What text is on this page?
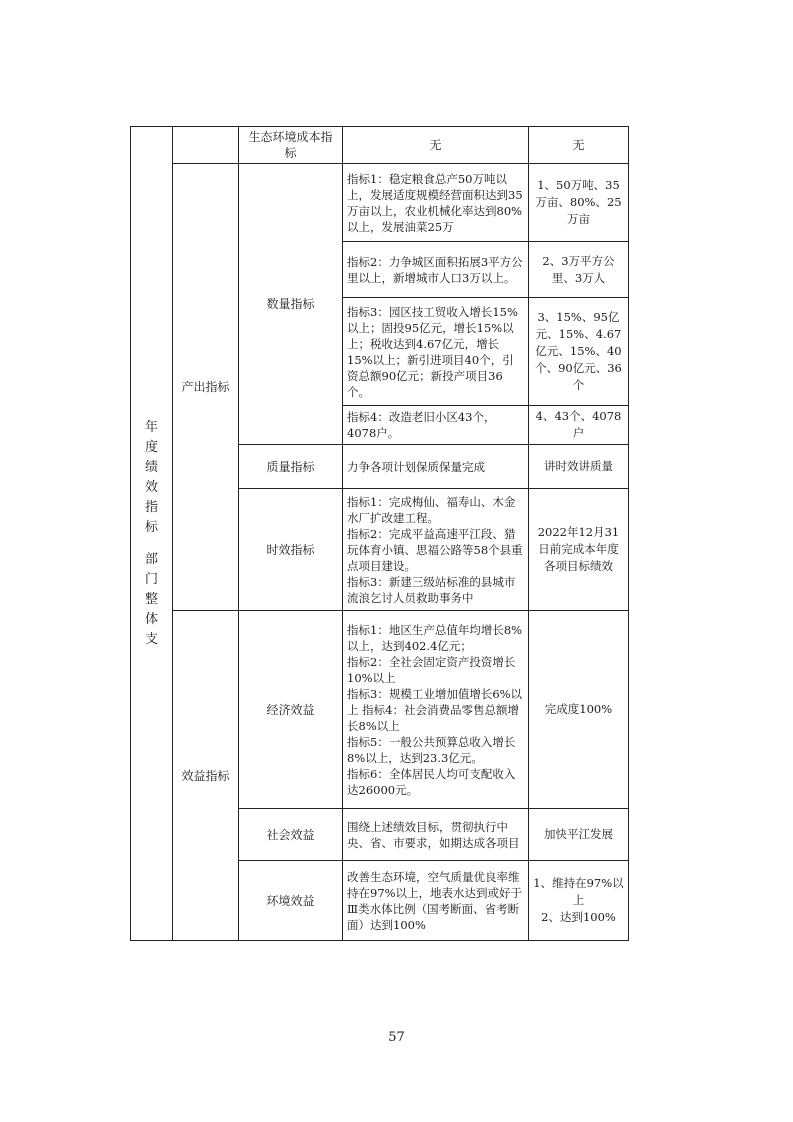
年度绩效指标
部门整体支		生态环境成本指标	无	无
	产出指标	数量指标	指标1：稳定粮食总产50万吨以上，发展适度规模经营面积达到35万亩以上，农业机械化率达到80%以上，发展油菜25万	1、50万吨、35万亩、80%、25万亩
			指标2：力争城区面积拓展3平方公里以上，新增城市人口3万以上。	2、3万平方公里、3万人
			指标3：园区技工贸收入增长15%以上；固投95亿元，增长15%以上；税收达到4.67亿元，增长15%以上；新引进项目40个，引资总额90亿元；新投产项目36个。	3、15%、95亿元、15%、4.67亿元、15%、40个、90亿元、36个
			指标4：改造老旧小区43个，4078户。	4、43个、4078户
		质量指标	力争各项计划保质保量完成	讲时效讲质量
		时效指标	指标1：完成梅仙、福寿山、木金水厂扩改建工程。
指标2：完成平益高速平江段、猎玩体育小镇、思福公路等58个县重点项目建设。
指标3：新建三级站标准的县城市流浪乞讨人员救助事务中	2022年12月31日前完成本年度各项目标绩效
	效益指标	经济效益	指标1：地区生产总值年均增长8%以上，达到402.4亿元；
指标2：全社会固定资产投资增长10%以上
指标3：规模工业增加值增长6%以上 指标4：社会消费品零售总额增长8%以上
指标5：一般公共预算总收入增长8%以上，达到23.3亿元。
指标6：全体居民人均可支配收入达26000元。	完成度100%
		社会效益	围绕上述绩效目标，贯彻执行中央、省、市要求，如期达成各项目	加快平江发展
		环境效益	改善生态环境，空气质量优良率维持在97%以上，地表水达到或好于Ⅲ类水体比例（国考断面、省考断面）达到100%	1、维持在97%以上
2、达到100%
57
